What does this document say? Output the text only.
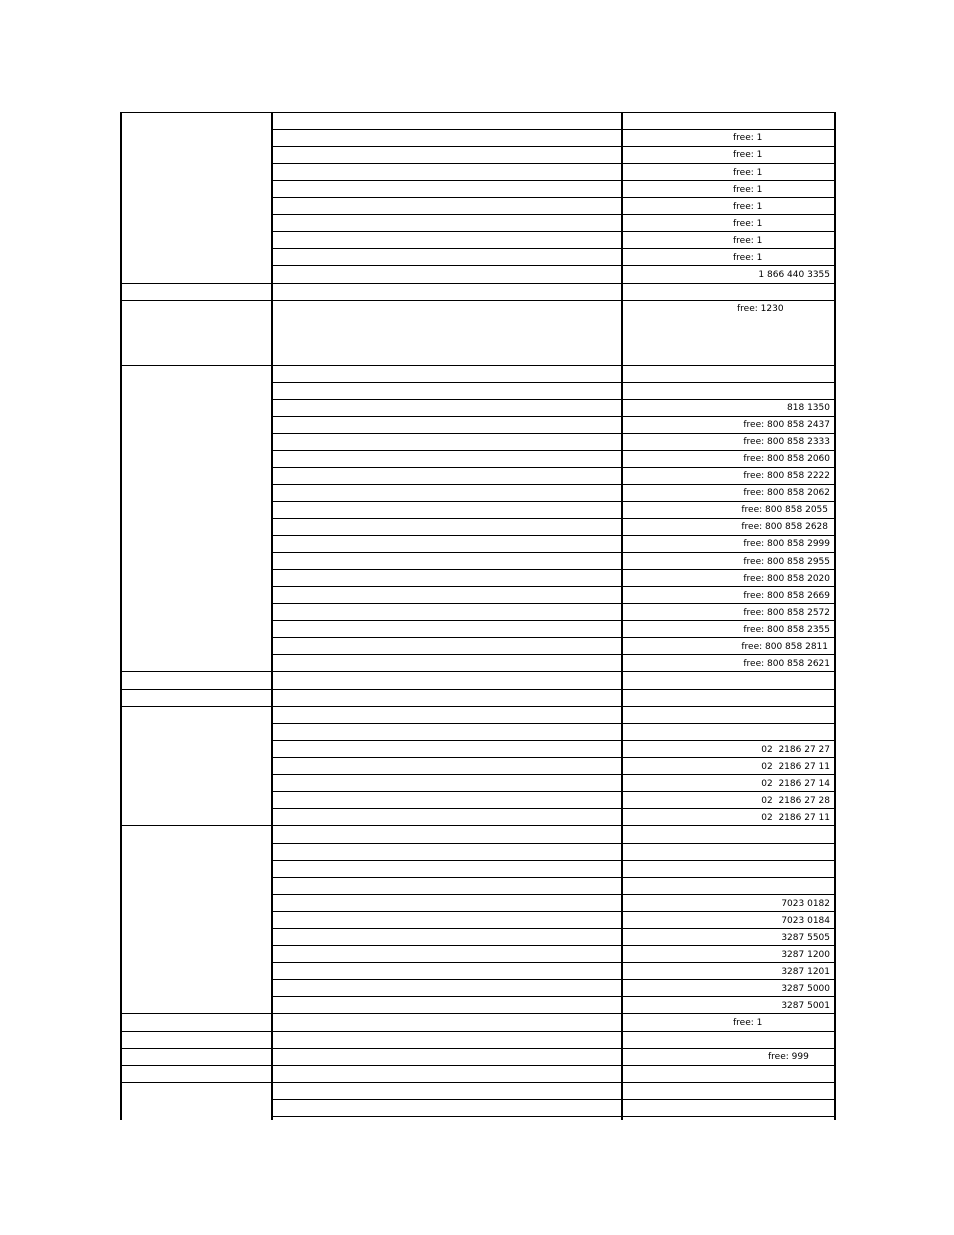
free: 1
free: 1
free: 1
free: 1
free: 1
free: 1
free: 1
free: 1
1 866 440 3355
free: 1230
818 1350
free: 800 858 2437
free: 800 858 2333
free: 800 858 2060
free: 800 858 2222
free: 800 858 2062
free: 800 858 2055
free: 800 858 2628
free: 800 858 2999
free: 800 858 2955
free: 800 858 2020
free: 800 858 2669
free: 800 858 2572
free: 800 858 2355
free: 800 858 2811
free: 800 858 2621
02  2186 27 27
02  2186 27 11
02  2186 27 14
02  2186 27 28
02  2186 27 11
7023 0182
7023 0184
3287 5505
3287 1200
3287 1201
3287 5000
3287 5001
free: 1
free: 999
